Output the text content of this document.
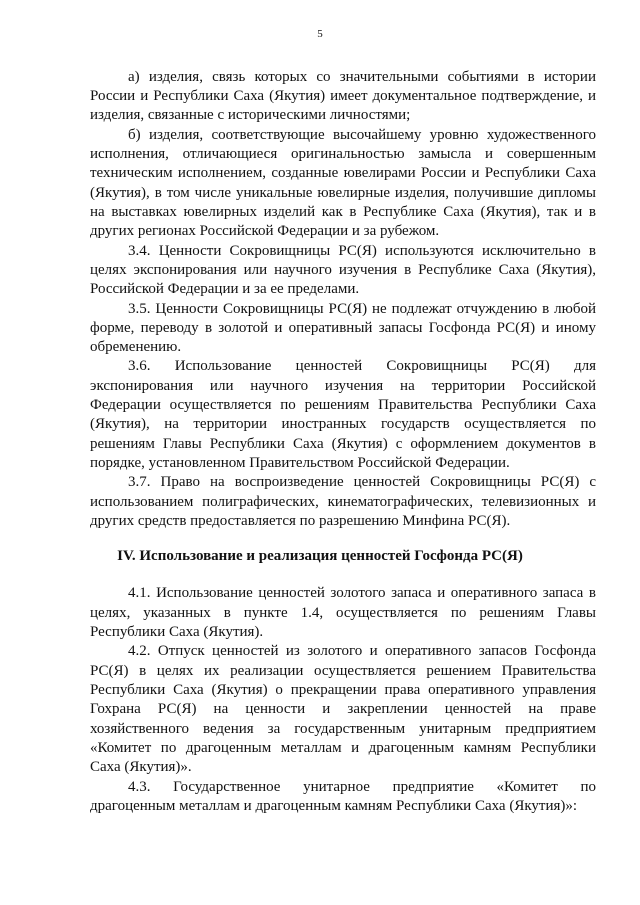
5
а) изделия, связь которых со значительными событиями в истории
России и Республики Саха (Якутия) имеет документальное подтверждение, и
изделия, связанные с историческими личностями;
б) изделия, соответствующие высочайшему уровню художественного
исполнения, отличающиеся оригинальностью замысла и совершенным
техническим исполнением, созданные ювелирами России и Республики Саха
(Якутия), в том числе уникальные ювелирные изделия, получившие дипломы
на выставках ювелирных изделий как в Республике Саха (Якутия), так и в
других регионах Российской Федерации и за рубежом.
3.4. Ценности Сокровищницы РС(Я) используются исключительно в
целях экспонирования или научного изучения в Республике Саха (Якутия),
Российской Федерации и за ее пределами.
3.5. Ценности Сокровищницы РС(Я) не подлежат отчуждению в любой
форме, переводу в золотой и оперативный запасы Госфонда РС(Я) и иному
обременению.
3.6. Использование ценностей Сокровищницы РС(Я) для
экспонирования или научного изучения на территории Российской
Федерации осуществляется по решениям Правительства Республики Саха
(Якутия), на территории иностранных государств осуществляется по
решениям Главы Республики Саха (Якутия) с оформлением документов в
порядке, установленном Правительством Российской Федерации.
3.7. Право на воспроизведение ценностей Сокровищницы РС(Я) с
использованием полиграфических, кинематографических, телевизионных и
других средств предоставляется по разрешению Минфина РС(Я).
IV. Использование и реализация ценностей Госфонда РС(Я)
4.1. Использование ценностей золотого запаса и оперативного запаса в
целях, указанных в пункте 1.4, осуществляется по решениям Главы
Республики Саха (Якутия).
4.2. Отпуск ценностей из золотого и оперативного запасов Госфонда
РС(Я) в целях их реализации осуществляется решением Правительства
Республики Саха (Якутия) о прекращении права оперативного управления
Гохрана РС(Я) на ценности и закреплении ценностей на праве
хозяйственного ведения за государственным унитарным предприятием
«Комитет по драгоценным металлам и драгоценным камням Республики
Саха (Якутия)».
4.3. Государственное унитарное предприятие «Комитет по
драгоценным металлам и драгоценным камням Республики Саха (Якутия)»:
